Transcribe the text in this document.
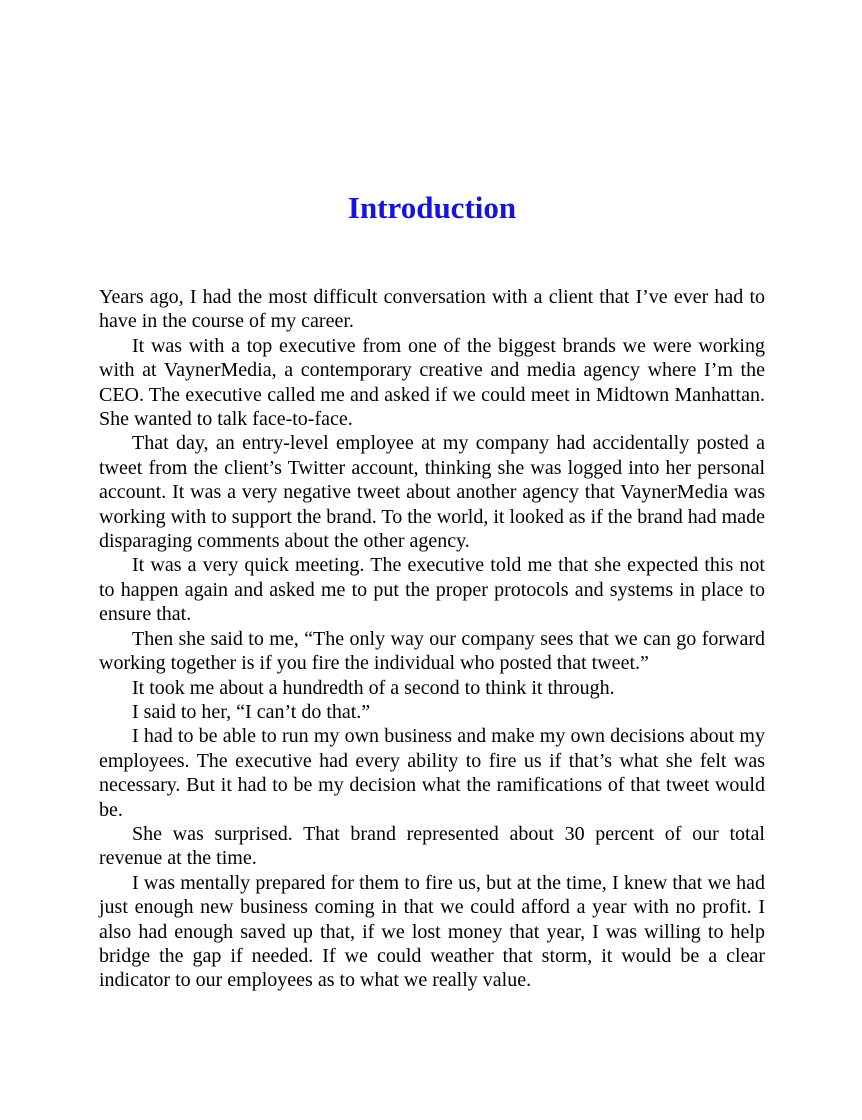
Introduction

Years ago, I had the most difficult conversation with a client that I’ve ever had to have in the course of my career.

It was with a top executive from one of the biggest brands we were working with at VaynerMedia, a contemporary creative and media agency where I’m the CEO. The executive called me and asked if we could meet in Midtown Manhattan. She wanted to talk face-to-face.

That day, an entry-level employee at my company had accidentally posted a tweet from the client’s Twitter account, thinking she was logged into her personal account. It was a very negative tweet about another agency that VaynerMedia was working with to support the brand. To the world, it looked as if the brand had made disparaging comments about the other agency.

It was a very quick meeting. The executive told me that she expected this not to happen again and asked me to put the proper protocols and systems in place to ensure that.

Then she said to me, “The only way our company sees that we can go forward working together is if you fire the individual who posted that tweet.”

It took me about a hundredth of a second to think it through.

I said to her, “I can’t do that.”

I had to be able to run my own business and make my own decisions about my employees. The executive had every ability to fire us if that’s what she felt was necessary. But it had to be my decision what the ramifications of that tweet would be.

She was surprised. That brand represented about 30 percent of our total revenue at the time.

I was mentally prepared for them to fire us, but at the time, I knew that we had just enough new business coming in that we could afford a year with no profit. I also had enough saved up that, if we lost money that year, I was willing to help bridge the gap if needed. If we could weather that storm, it would be a clear indicator to our employees as to what we really value.
